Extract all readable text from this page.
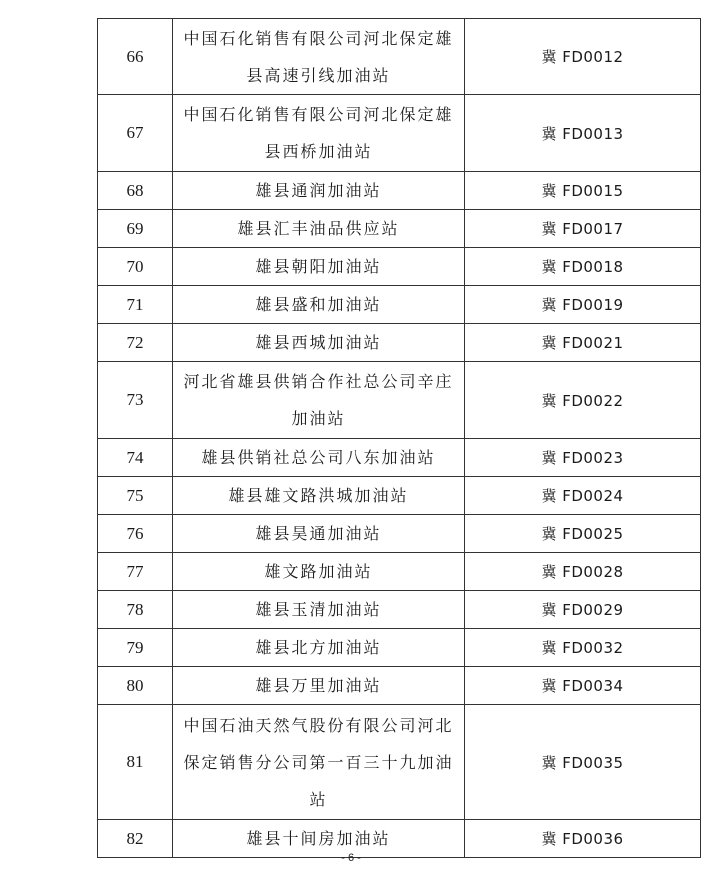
66	中国石化销售有限公司河北保定雄县高速引线加油站	冀 FD0012
67	中国石化销售有限公司河北保定雄县西桥加油站	冀 FD0013
68	雄县通润加油站	冀 FD0015
69	雄县汇丰油品供应站	冀 FD0017
70	雄县朝阳加油站	冀 FD0018
71	雄县盛和加油站	冀 FD0019
72	雄县西城加油站	冀 FD0021
73	河北省雄县供销合作社总公司辛庄加油站	冀 FD0022
74	雄县供销社总公司八东加油站	冀 FD0023
75	雄县雄文路洪城加油站	冀 FD0024
76	雄县昊通加油站	冀 FD0025
77	雄文路加油站	冀 FD0028
78	雄县玉清加油站	冀 FD0029
79	雄县北方加油站	冀 FD0032
80	雄县万里加油站	冀 FD0034
81	中国石油天然气股份有限公司河北保定销售分公司第一百三十九加油站	冀 FD0035
82	雄县十间房加油站	冀 FD0036
- 6 -
